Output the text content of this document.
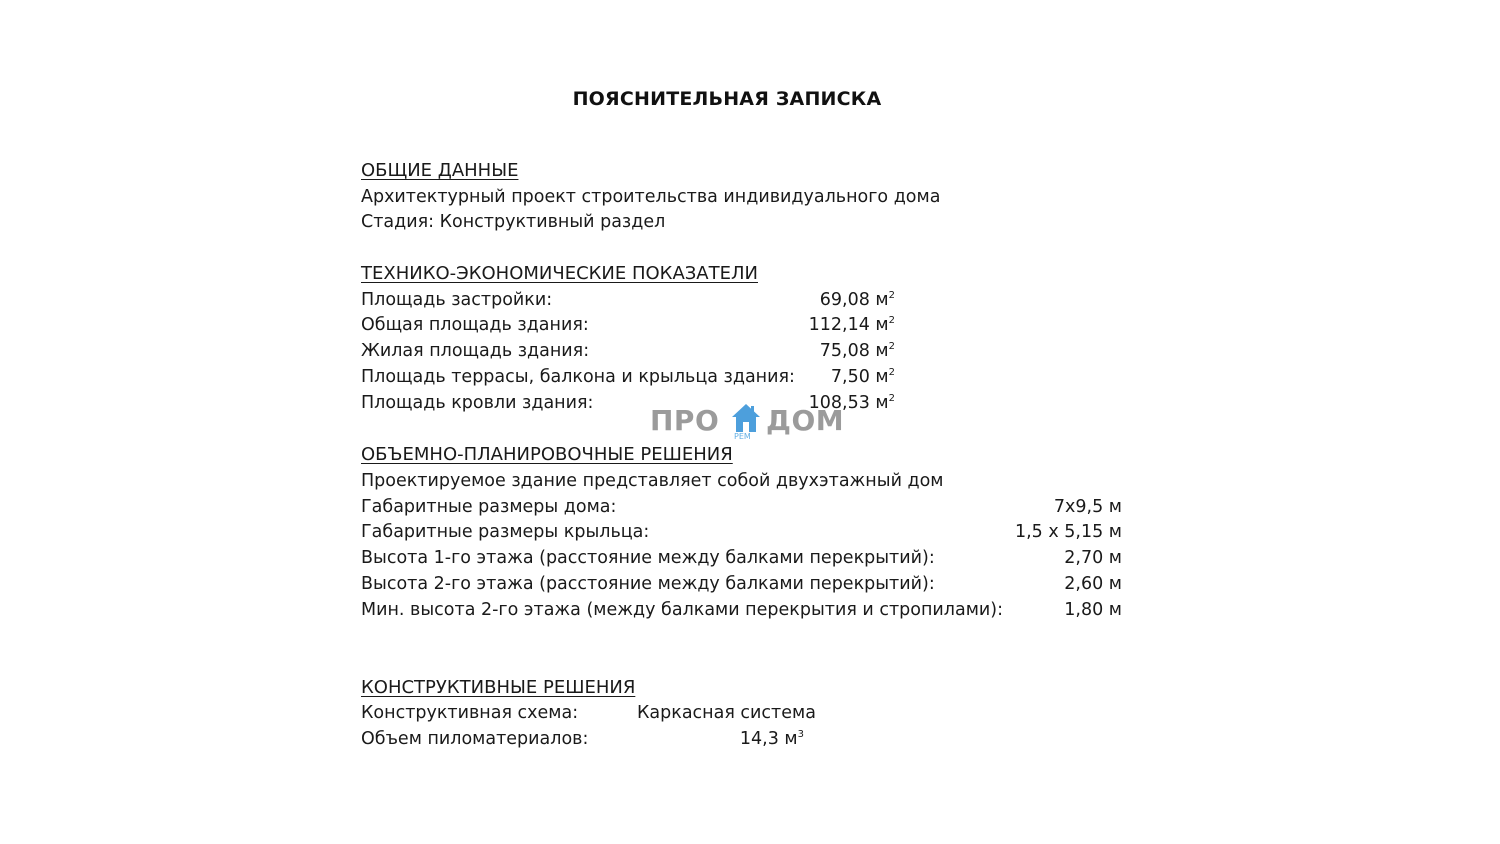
ПОЯСНИТЕЛЬНАЯ ЗАПИСКА
ОБЩИЕ ДАННЫЕ
Архитектурный проект строительства индивидуального дома
Стадия: Конструктивный раздел
ТЕХНИКО-ЭКОНОМИЧЕСКИЕ ПОКАЗАТЕЛИ
Площадь застройки:	69,08 $м^2$
Общая площадь здания:	112,14 $м^2$
Жилая площадь здания:	75,08 $м^2$
Площадь террасы, балкона и крыльца здания:	7,50 $м^2$
Площадь кровли здания:	108,53 $м^2$
ОБЪЕМНО-ПЛАНИРОВОЧНЫЕ РЕШЕНИЯ
Проектируемое здание представляет собой двухэтажный дом
Габаритные размеры дома:	7х9,5 м
Габаритные размеры крыльца:	1,5 х 5,15 м
Высота 1-го этажа (расстояние между балками перекрытий):	2,70 м
Высота 2-го этажа (расстояние между балками перекрытий):	2,60 м
Мин. высота 2-го этажа (между балками перекрытия и стропилами):	1,80 м
КОНСТРУКТИВНЫЕ РЕШЕНИЯ
Конструктивная схема:	Каркасная система
Объем пиломатериалов:	14,3 $м^3$
ПРО РЕМ ДОМ
